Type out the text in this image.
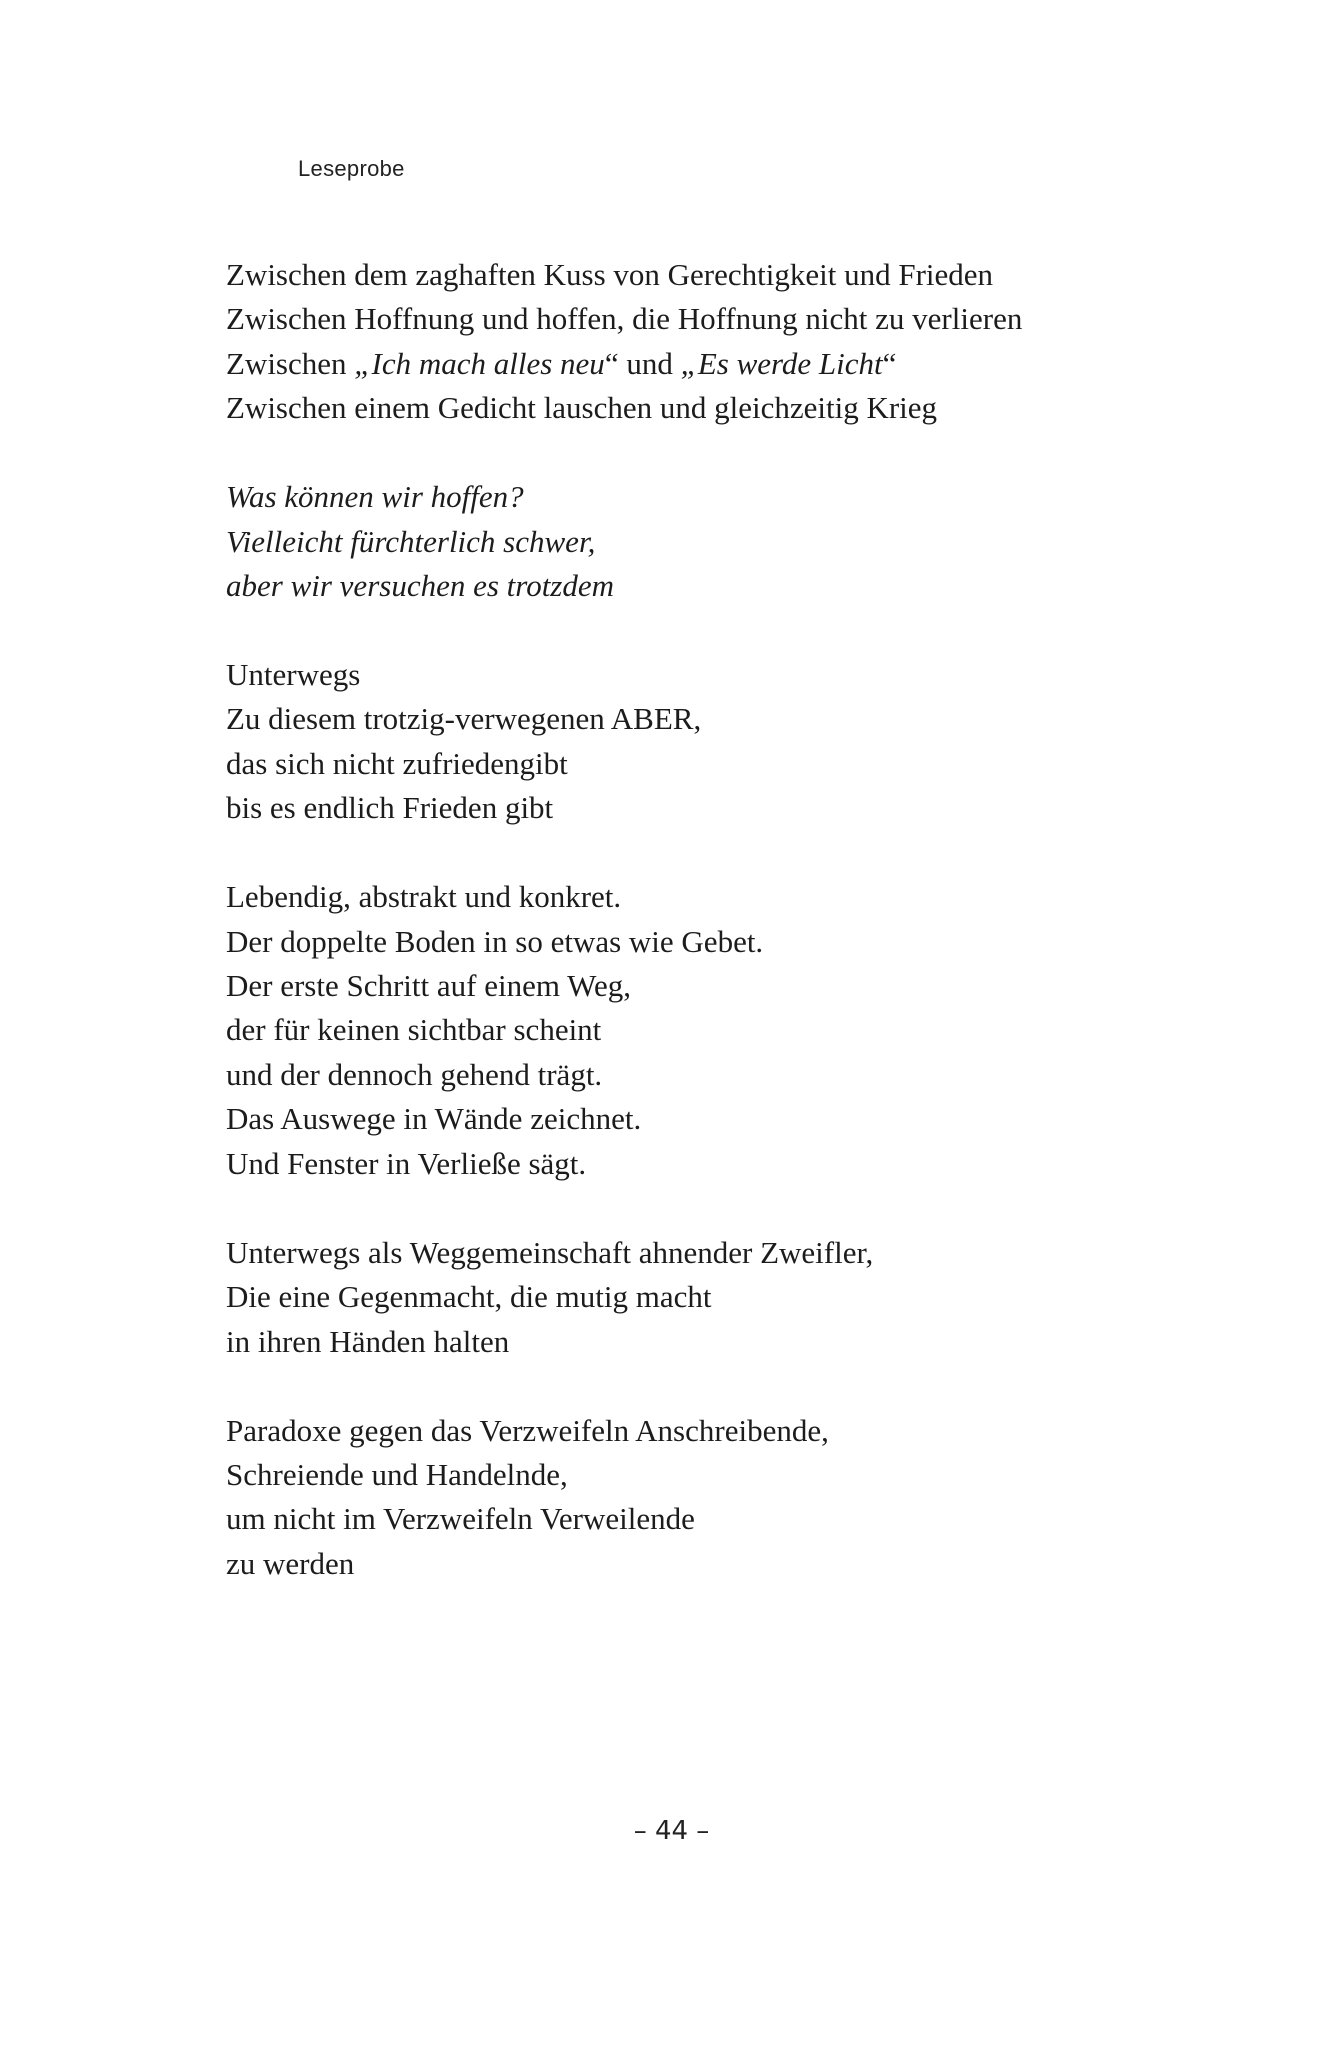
Leseprobe
Zwischen dem zaghaften Kuss von Gerechtigkeit und Frieden
Zwischen Hoffnung und hoffen, die Hoffnung nicht zu verlieren
Zwischen „Ich mach alles neu“ und „Es werde Licht“
Zwischen einem Gedicht lauschen und gleichzeitig Krieg
Was können wir hoffen?
Vielleicht fürchterlich schwer,
aber wir versuchen es trotzdem
Unterwegs
Zu diesem trotzig-verwegenen ABER,
das sich nicht zufriedengibt
bis es endlich Frieden gibt
Lebendig, abstrakt und konkret.
Der doppelte Boden in so etwas wie Gebet.
Der erste Schritt auf einem Weg,
der für keinen sichtbar scheint
und der dennoch gehend trägt.
Das Auswege in Wände zeichnet.
Und Fenster in Verließe sägt.
Unterwegs als Weggemeinschaft ahnender Zweifler,
Die eine Gegenmacht, die mutig macht
in ihren Händen halten
Paradoxe gegen das Verzweifeln Anschreibende,
Schreiende und Handelnde,
um nicht im Verzweifeln Verweilende
zu werden
– 44 –
